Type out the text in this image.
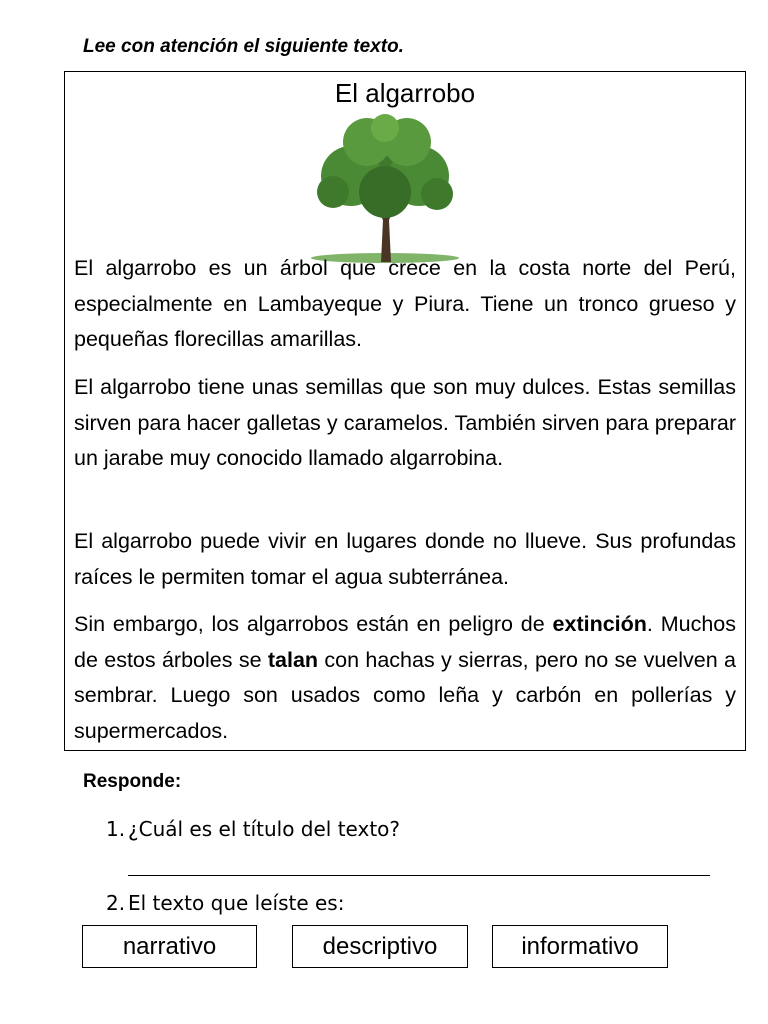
Lee con atención el siguiente texto.
El algarrobo

El algarrobo es un árbol que crece en la costa norte del Perú, especialmente en Lambayeque y Piura. Tiene un tronco grueso y pequeñas florecillas amarillas.

El algarrobo tiene unas semillas que son muy dulces. Estas semillas sirven para hacer galletas y caramelos. También sirven para preparar un jarabe muy conocido llamado algarrobina.

El algarrobo puede vivir en lugares donde no llueve. Sus profundas raíces le permiten tomar el agua subterránea.

Sin embargo, los algarrobos están en peligro de extinción. Muchos de estos árboles se talan con hachas y sierras, pero no se vuelven a sembrar. Luego son usados como leña y carbón en pollerías y supermercados.

Responde:
1. ¿Cuál es el título del texto?
2. El texto que leíste es:
narrativo	descriptivo	informativo
